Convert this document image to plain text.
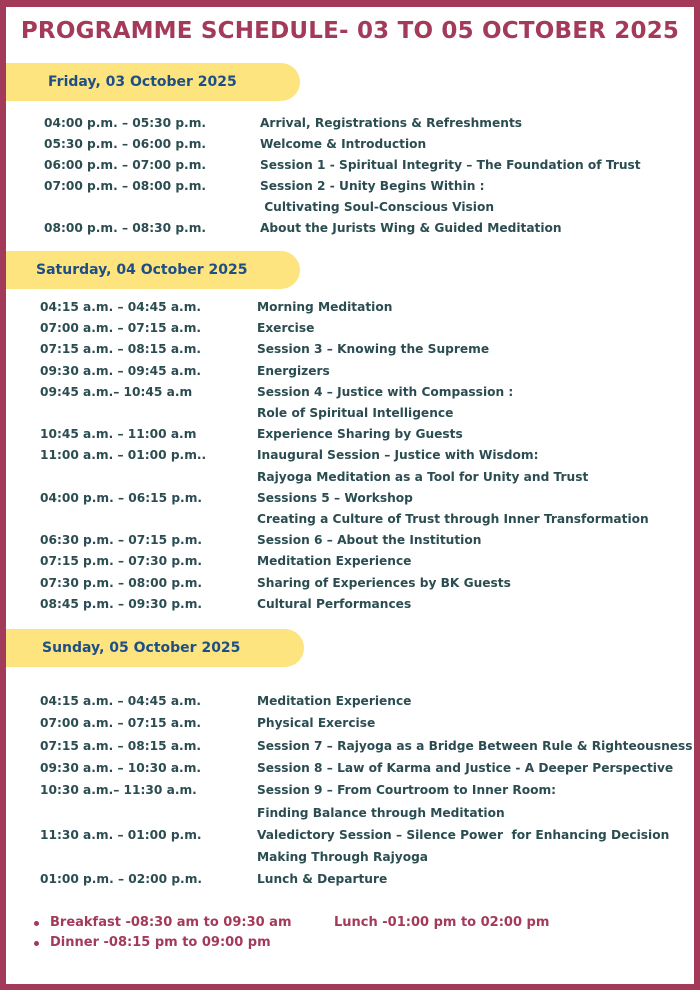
PROGRAMME SCHEDULE- 03 TO 05 OCTOBER 2025
Friday, 03 October 2025
04:00 p.m. – 05:30 p.m.	Arrival, Registrations & Refreshments
05:30 p.m. – 06:00 p.m.	Welcome & Introduction
06:00 p.m. – 07:00 p.m.	Session 1 - Spiritual Integrity – The Foundation of Trust
07:00 p.m. – 08:00 p.m.	Session 2 - Unity Begins Within :
Cultivating Soul-Conscious Vision
08:00 p.m. – 08:30 p.m.	About the Jurists Wing & Guided Meditation
Saturday, 04 October 2025
04:15 a.m. – 04:45 a.m.	Morning Meditation
07:00 a.m. – 07:15 a.m.	Exercise
07:15 a.m. – 08:15 a.m.	Session 3 – Knowing the Supreme
09:30 a.m. – 09:45 a.m.	Energizers
09:45 a.m.– 10:45 a.m	Session 4 – Justice with Compassion :
Role of Spiritual Intelligence
10:45 a.m. – 11:00 a.m	Experience Sharing by Guests
11:00 a.m. – 01:00 p.m..	Inaugural Session – Justice with Wisdom:
Rajyoga Meditation as a Tool for Unity and Trust
04:00 p.m. – 06:15 p.m.	Sessions 5 – Workshop
Creating a Culture of Trust through Inner Transformation
06:30 p.m. – 07:15 p.m.	Session 6 – About the Institution
07:15 p.m. – 07:30 p.m.	Meditation Experience
07:30 p.m. – 08:00 p.m.	Sharing of Experiences by BK Guests
08:45 p.m. – 09:30 p.m.	Cultural Performances
Sunday, 05 October 2025
04:15 a.m. – 04:45 a.m.	Meditation Experience
07:00 a.m. – 07:15 a.m.	Physical Exercise
07:15 a.m. – 08:15 a.m.	Session 7 – Rajyoga as a Bridge Between Rule & Righteousness
09:30 a.m. – 10:30 a.m.	Session 8 – Law of Karma and Justice - A Deeper Perspective
10:30 a.m.– 11:30 a.m.	Session 9 – From Courtroom to Inner Room:
Finding Balance through Meditation
11:30 a.m. – 01:00 p.m.	Valedictory Session – Silence Power  for Enhancing Decision
Making Through Rajyoga
01:00 p.m. – 02:00 p.m.	Lunch & Departure
Breakfast -08:30 am to 09:30 am	Lunch -01:00 pm to 02:00 pm
Dinner -08:15 pm to 09:00 pm
